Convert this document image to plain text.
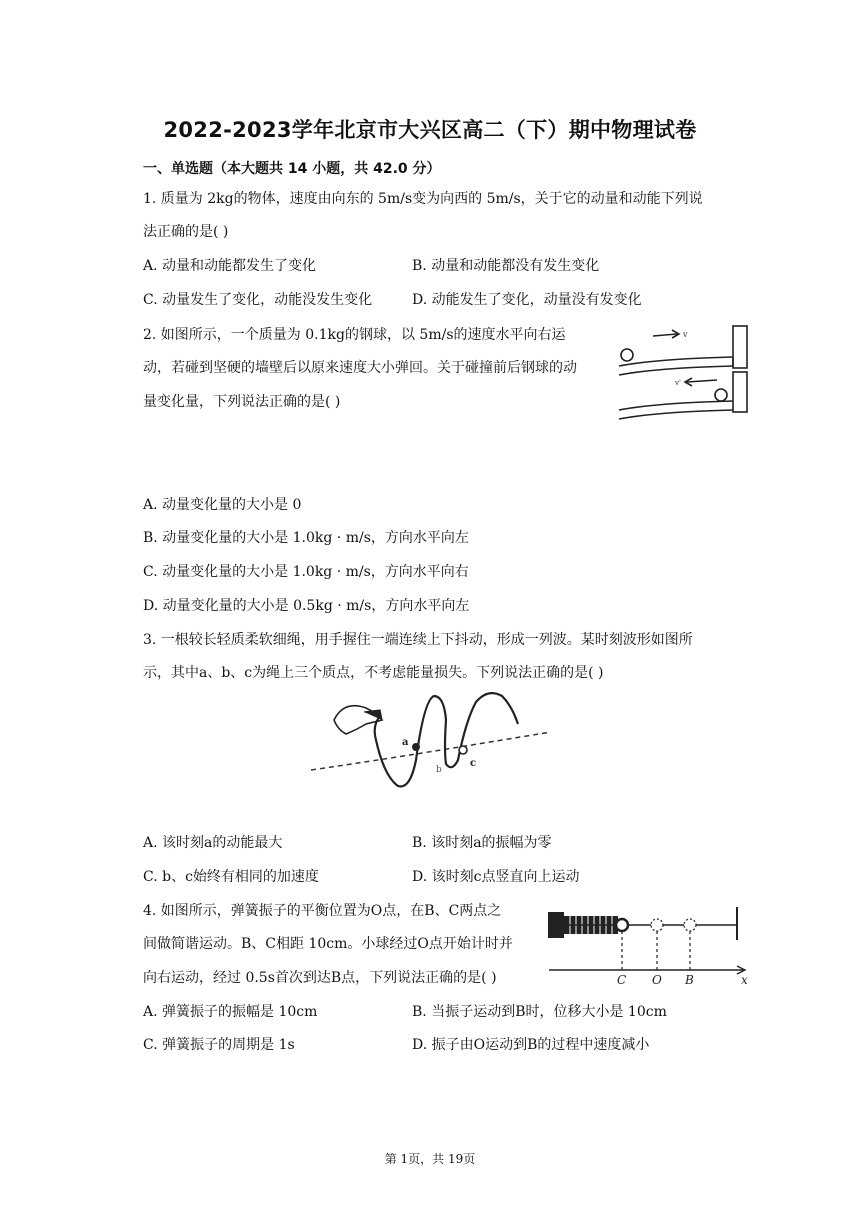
2022-2023学年北京市大兴区高二（下）期中物理试卷
一、单选题（本大题共 14 小题，共 42.0 分）
1. 质量为 2kg的物体，速度由向东的 5m/s变为向西的 5m/s，关于它的动量和动能下列说
法正确的是( )
A. 动量和动能都发生了变化	B. 动量和动能都没有发生变化
C. 动量发生了变化，动能没发生变化	D. 动能发生了变化，动量没有发变化
2. 如图所示，一个质量为 0.1kg的钢球，以 5m/s的速度水平向右运
动，若碰到坚硬的墙壁后以原来速度大小弹回。关于碰撞前后钢球的动
量变化量，下列说法正确的是( )
v
v'
A. 动量变化量的大小是 0
B. 动量变化量的大小是 1.0kg · m/s，方向水平向左
C. 动量变化量的大小是 1.0kg · m/s，方向水平向右
D. 动量变化量的大小是 0.5kg · m/s，方向水平向左
3. 一根较长轻质柔软细绳，用手握住一端连续上下抖动，形成一列波。某时刻波形如图所
示，其中a、b、c为绳上三个质点，不考虑能量损失。下列说法正确的是( )
a
b
c
A. 该时刻a的动能最大	B. 该时刻a的振幅为零
C. b、c始终有相同的加速度	D. 该时刻c点竖直向上运动
4. 如图所示，弹簧振子的平衡位置为O点，在B、C两点之
间做简谐运动。B、C相距 10cm。小球经过O点开始计时并
向右运动，经过 0.5s首次到达B点，下列说法正确的是( )	C O B	x
A. 弹簧振子的振幅是 10cm	B. 当振子运动到B时，位移大小是 10cm
C. 弹簧振子的周期是 1s	D. 振子由O运动到B的过程中速度减小
第 1页，共 19页
